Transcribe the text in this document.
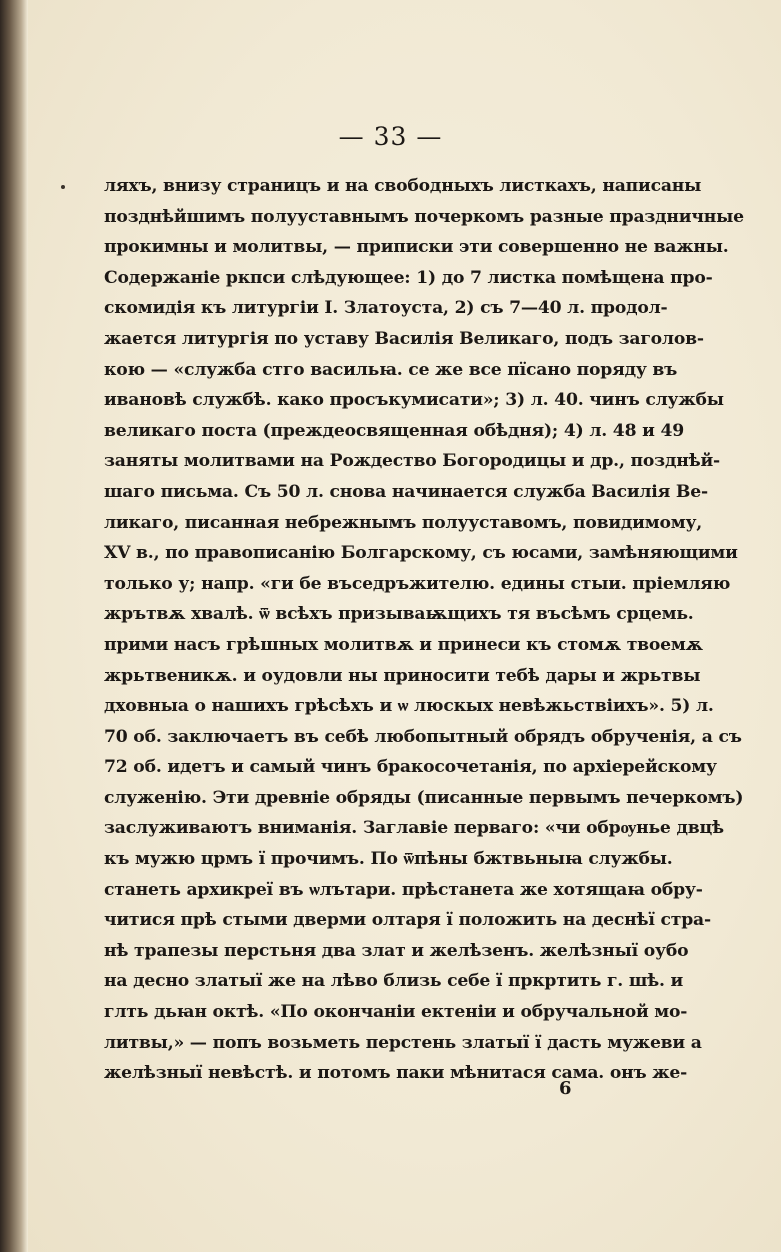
— 33 —
ляхъ, внизу страницъ и на свободныхъ листкахъ, написаны
позднѣйшимъ полууставнымъ почеркомъ разные праздничные
прокимны и молитвы, — приписки эти совершенно не важны.
Содержаніе ркпси слѣдующее: 1) до 7 листка помѣщена про-
скомидія къ литургіи І. Златоуста, 2) съ 7—40 л. продол-
жается литургія по уставу Василія Великаго, подъ заголов-
кою — «служба стго васильꙗ. се же все пїсано поряду въ
ивановѣ службѣ. како просъкумисати»; 3) л. 40. чинъ службы
великаго поста (преждеосвященная обѣдня); 4) л. 48 и 49
заняты молитвами на Рождество Богородицы и др., позднѣй-
шаго письма. Съ 50 л. снова начинается служба Василія Ве-
ликаго, писанная небрежнымъ полууставомъ, повидимому,
XV в., по правописанію Болгарскому, съ юсами, замѣняющими
только у; напр. «ги бе въседръжителю. едины стыи. пріемляю
жрътвѫ хвалѣ. ѿ всѣхъ призываѭщихъ тя въсѣмъ срцемь.
прими насъ грѣшных молитвѫ и принеси къ стомѫ твоемѫ
жрьтвеникѫ. и оудовли ны приносити тебѣ дары и жрьтвы
дховныа о нашихъ грѣсѣхъ и ѡ люскых невѣжьствіихъ». 5) л.
70 об. заключаетъ въ себѣ любопытный обрядъ обрученія, а съ
72 об. идетъ и самый чинъ бракосочетанія, по архіерейскому
служенію. Эти древніе обряды (писанные первымъ печеркомъ)
заслуживаютъ вниманія. Заглавіе перваго: «чи обрѹнье двцѣ
къ мужю црмъ ї прочимъ. По ѿпѣны бжтвьныꙗ службы.
станеть архикреї въ ѡлътари. прѣстанета же хотящаꙗ обру-
читися прѣ стыми дверми олтаря ї положить на деснѣї стра-
нѣ трапезы перстьня два злат и желѣзенъ. желѣзныї оубо
на десно златыї же на лѣво близь себе ї пркртить г. шѣ. и
глть дьꙗн октѣ. «По окончаніи ектеніи и обручальной мо-
литвы,» — попъ возьметь перстень златыї ї дасть мужеви а
желѣзныї невѣстѣ. и потомъ паки мѣнитася сама. онъ же-
6
